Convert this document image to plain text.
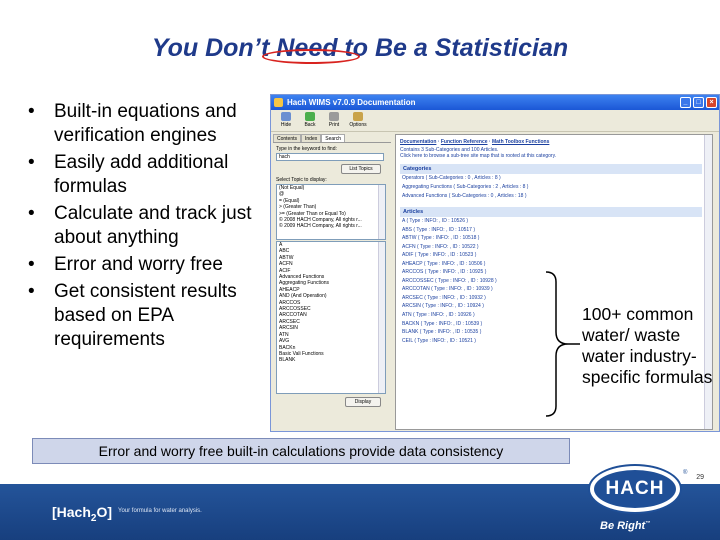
You Don’t Need to Be a Statistician
• Built-in equations and verification engines
• Easily add additional formulas
• Calculate and track just about anything
• Error and worry free
• Get consistent results based on EPA requirements
Hach WIMS v7.0.9 Documentation	_	□	×
Hide	Back	Print Options
Contents	Index	Search
Type in the keyword to find:
hach
List Topics
Select Topic to display:
(Not Equal)
@
= (Equal)
> (Greater Than)
>= (Greater Than or Equal To)
© 2008 HACH Company, All rights r...
© 2009 HACH Company, All rights r...
A
ABC
ABTW
ACFN
ACIF
Advanced Functions
Aggregating Functions
AHEACP
AND (And Operation)
ARCCOS
ARCCOSSEC
ARCCOTAN
ARCSEC
ARCSIN
ATN
AVG
BACKn
Basic Vali Functions
BLANK
Display
Documentation · Function Reference · Math Toolbox Functions
Contains 3 Sub-Categories and 100 Articles.
Click here to browse a sub-tree site map that is rooted at this category.
Categories
Operators ( Sub-Categories : 0 , Articles : 8 )
Aggregating Functions ( Sub-Categories : 2 , Articles : 8 )
Advanced Functions ( Sub-Categories : 0 , Articles : 18 )
Articles
A ( Type : INFO: , ID : 10526 )
ABS ( Type : INFO: , ID : 10517 )
ABTW ( Type : INFO: , ID : 10518 )
ACFN ( Type : INFO: , ID : 10522 )
ADIF ( Type : INFO: , ID : 10523 )
AHEACP ( Type : INFO: , ID : 10506 )
ARCCOS ( Type : INFO: , ID : 10925 )
ARCCOSSEC ( Type : INFO: , ID : 10928 )
ARCCOTAN ( Type : INFO: , ID : 10939 )
ARCSEC ( Type : INFO: , ID : 10932 )
ARCSIN ( Type : INFO: , ID : 10924 )
ATN ( Type : INFO: , ID : 10926 )
BACKN ( Type : INFO: , ID : 10539 )
BLANK ( Type : INFO: , ID : 10535 )
CEIL ( Type : INFO: , ID : 10521 )
100+ common water/ waste water industry-specific formulas
Error and worry free built-in calculations provide data consistency
29
[Hach$_2$O] Your formula for water analysis.
HACH
®
Be Right™
